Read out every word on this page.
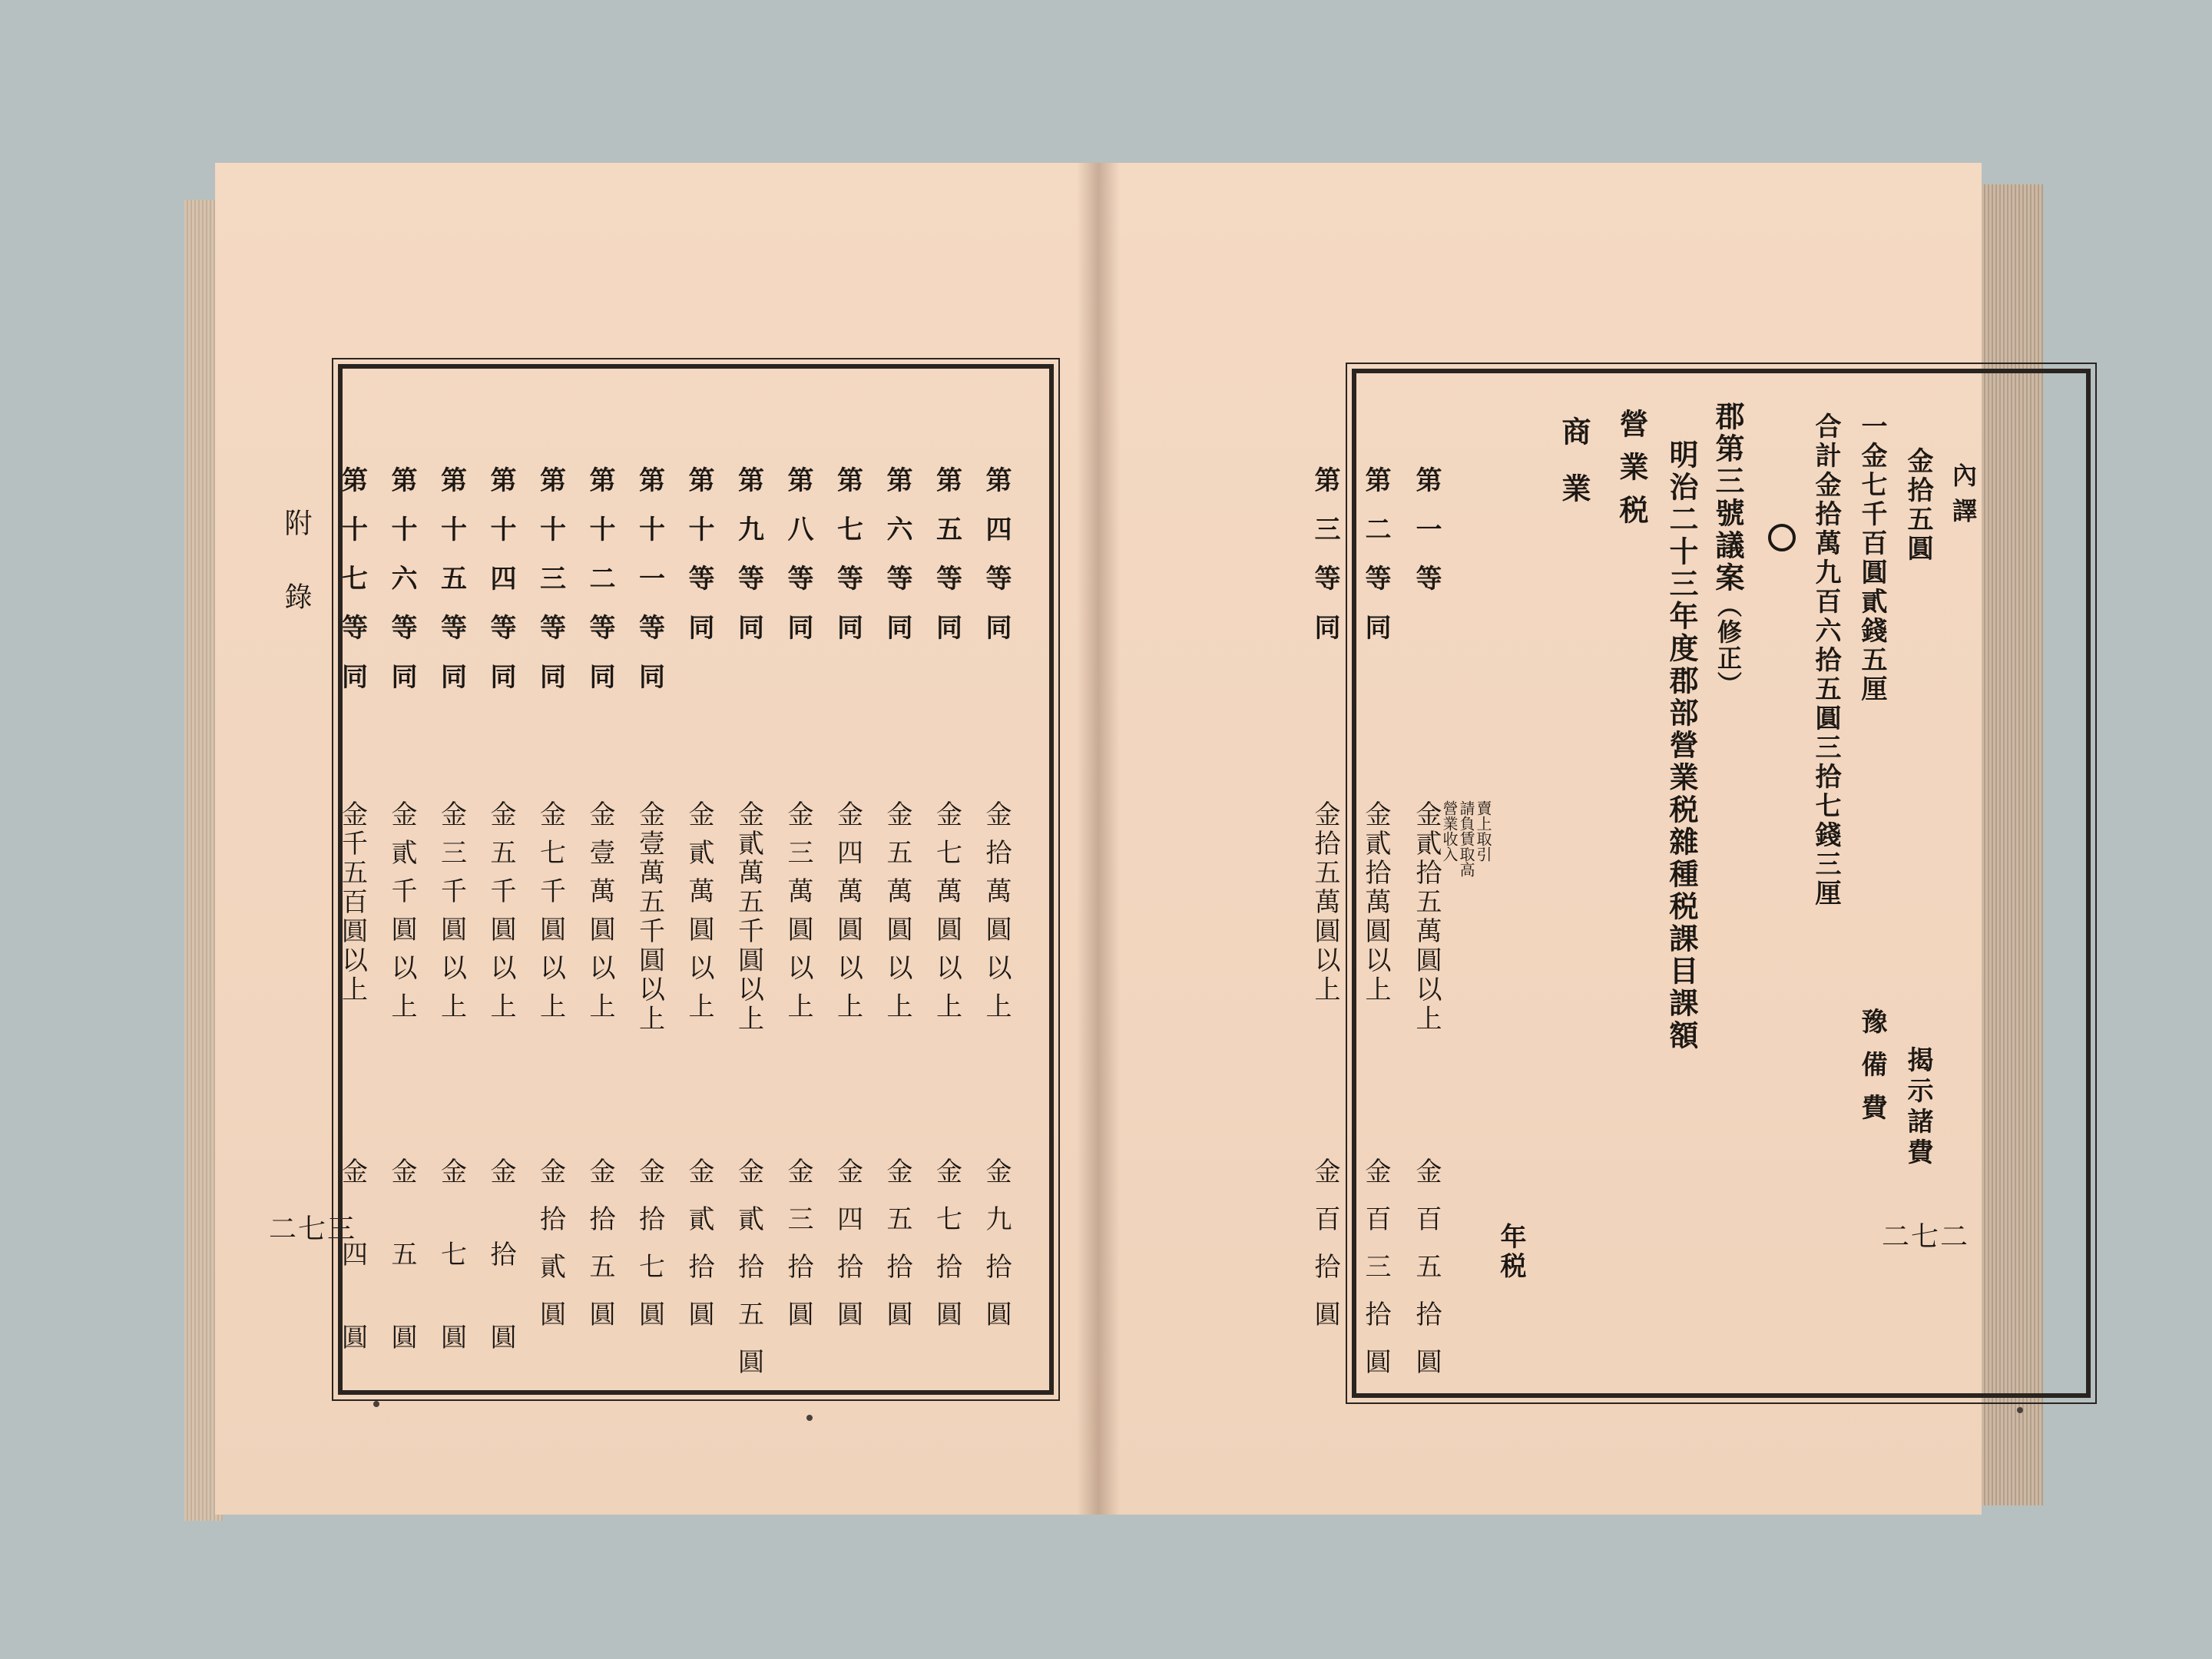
附錄
二七三
第四等同
金拾萬圓以上
金九拾圓
第五等同
金七萬圓以上
金七拾圓
第六等同
金五萬圓以上
金五拾圓
第七等同
金四萬圓以上
金四拾圓
第八等同
金三萬圓以上
金三拾圓
第九等同
金貳萬五千圓以上
金貳拾五圓
第十等同
金貳萬圓以上
金貳拾圓
第十一等同
金壹萬五千圓以上
金拾七圓
第十二等同
金壹萬圓以上
金拾五圓
第十三等同
金七千圓以上
金拾貳圓
第十四等同
金五千圓以上
金拾圓
第十五等同
金三千圓以上
金七圓
第十六等同
金貳千圓以上
金五圓
第十七等同
金千五百圓以上
金四圓	二七二
內譯
金拾五圓
揭示諸費
一金七千百圓貳錢五厘
豫備費
合計金拾萬九百六拾五圓三拾七錢三厘
郡第三號議案
（修正）
明治二十三年度郡部營業税雜種税課目課額
營業税
商業
年税
賣上取引
請負賃取高
營業收入
第一等
金貳拾五萬圓以上
金百五拾圓
第二等同
金貳拾萬圓以上
金百三拾圓
第三等同
金拾五萬圓以上
金百拾圓
